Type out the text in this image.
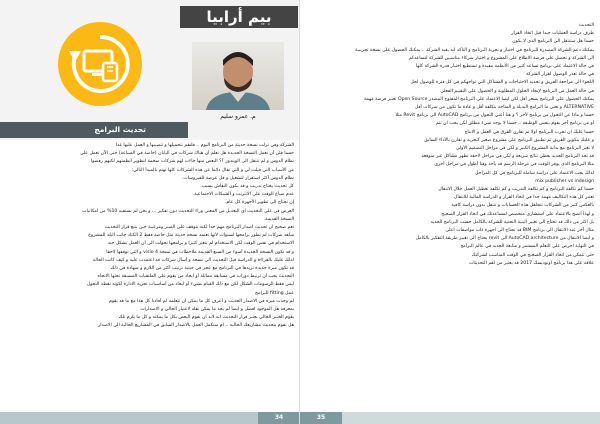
بيم أرابيا
م. عمرو سليم
تحديث البرامج

الشركة وفي نزلت نسخة حديثة من البرنامج اليوم .. فلنقم بتحميلها و تنصيبها و العمل عليها غداً

حسنا فلن أن نعمل النسخة الجديدة هل تعلم أن هناك شركات في اليابان (خاصة في الصناعة) حتى الآن تعمل على

نظام الدوس و لم تنتقل الى الويندوز ؟؟ البعض منها جاءت لهم شركات ضخمة لتطوير أنظمتهم لكنهم رفضوا

من الأسباب التي قيلت لي و التي تقال دائما عن هذه الشركات كلها تهتم بالمبدأ التالي:

نظام الدوس أكثر استقرار لتشغيل و قل عرضة للفيروسات.

كل تحديث يحتاج تدريب و قد يكون النقاش بسبب.

عدم ضياع الوقت على الانترنت و الشبكات الاجتماعية.

إن تحتاج الى تطوير الأجهزة كل عام.

العرض فى على التحديث اى التعديل من المعنى وراء التحديث دون تفكير ... و نحن لم نستفيد 10% من امكانيات

النسخة القديمة.

نعم صحيح ان تحديث اصدار البرنامج مهم جداً لكنه يتوقف على الصبر ومرعبية حين يتبع قرار التحديث

شاهد شركات لم تطور برامجها لسنوات لأنها تعتمد نسخة حديثة مثل خاصة فقط 2 الكتاد جانب البلد للمشروع

الاستخدام فى نفس الوقت لكن الاستخدام لم تتغير كثيرا و برامجها تحولت الى أن العمل بشكل جيد

و قد تكون النسخة الجديدة أسوء من السبع القديمة ملاحظات في نسخة visio 4 و التي نوقفها لاحقا

لذلك عليك بالقراءة و الدراسة قبل التحديث الى نسخة و أسأل شركات قد اعتمدت عليه و كيف كانت الحالة

قد تكون ميزة جديدة تريدها في البرنامج مع عجز في حيثية ترتيب أكثر من اللازم و شهادة في ذلك

التحديث يجب ان ترتبط دورات في مسابقة مماثلة أو ايجاد من يقوم على الملتقيات المسبقة تحتها الاتجاه

ليس فقط الرسومات الشكل لكن مع ذلك القيام بشيء أو ايجاد من أساسيات تجربة الادارة لكونه نقطة التحول

عمل fitting للبرامج

لم وجدت ميزة في الاصدار الحديث و أعرف كل ما يمكن ان تتعلمه لم أفادنا كل هذا مع ما قد يقوم

بمعرفة هل الموجود افضل و ايضاً لم يجد ما يمكن نقله لاعتبار الحالي و الاصدارات

يقوم الخبير الحالي يعتبر قرار التحديث انه لابد ان يقوم البعض بكل ما يمكنه و كل ما يلزم تلك

هل تقوم بتحديث مشاريعك الحالية .. ام ستكمل العمل بالاصدار السابق في المشاريع الحالية الى الاصدار

34

التحديث

ظرف دراسة العمليات جيدا قبل اتخاذ القرار

حسنا هل ستنتقل الى البرنامج الذي لا يكون

يمكنك دعم الشركة المصدرة للبرنامج في اختيار و تجربة البرنامج و التأكد انه يفيد الشركة .. يمكنك الحصول على نسخة تجريبية

الى الشركة و تحصل على فرصة الاطلاع على المشروع و اختيار شركاء مناسبين للشركة لتساعدكم

في حالة الاعتماد على برنامج تساعد كثير من الأنظمة مفيدة و تستطيع اختيار قدرة الشركة كلها

في حالة تعذر الوصول لقرار الشركة

اللجوء الى مراجعة الفريق و تحديد الاحتياجات و المشاكل التي تواجهكم في كل فترة للوصول لحل

في حالة العمل من البرنامج لإيجاد الحلول المطلوبة و الحصول على التقييم الفعلي

يمكنك الحصول على البرنامج بسعر أقل لكن ايضا الاعتماد على البرنامج المفتوح المصدر Open Source تعتبر فرصة مهمة

ALTERNATIVE و تعني ما البرامج البديلة و المتاحة بتكلفة أقل و عادة ما تكون من شركات أقل

حسنا و ماذا عن التحول من برنامج لأخر ؟ و هنا أعني التحول من برنامج AutoCAD الى برنامج Revit مثلا

أو من برنامج آخر يقوم بنفس الوظيفة .. حسنا لا يوجد شيء مطلق لكن يجب ان تتم

حسنا عليك ان تجرب البرنامج اولا ثم تقارن الفرق في العمل و الانتاج

و عليك بتكوين الفريق ثم تطبيق البرنامج على مشروع صغير كتجربة و تقارن بالأداء السابق

لا تغير البرنامج مع بداية المشروع الكبير و لكن في مراحل التصميم الأولى

قد تجد البرنامج الجديد يعطي نتائج سريعة و لكن في مراحل لاحقة تظهر مشاكل غير متوقعة

مثلا البرنامج الذي يوفر الوقت في مرحلة الرسم قد يأخذ وقتا أطول في مراحل أخرى

لذلك يجب الاعتماد على دراسة شاملة للبرنامج في كل المراحل

mix publisher vs indesign

حسنا كم تكلفة البرنامج و كم تكلفة التدريب و كم تكلفة تعطيل العمل خلال الانتقال

تعتبر كل هذه التكاليف مهمة جدا في اتخاذ القرار و الدراسة المالية للانتقال

بالعكس كثير من الشركات تتجاهل هذه الحسابات و تنتقل بدون دراسة كافية

و لهذا انصح بالاعتماد على استشاري متخصص لمساعدتك في اتخاذ القرار الصحيح

بل اكثر من ذلك قد تحتاج الى تغيير البنية التحتية للشركة بالكامل حسب البرنامج الجديد

مثال آخر عند الانتقال الى برنامج BIM قد تحتاج الى اجهزة ذات مواصفات أعلى

و ايضا الانتقال من AutoCAD architecture الى revit يحتاج الى تغيير طريقة التفكير بالكامل

في النهاية احرص على التعلم المستمر و متابعة الجديد في عالم البرامج

حتى تتمكن من اتخاذ القرار الصحيح في الوقت المناسب لشركتك

علاقة على هذا برنامج اوتوديسك 2017 قد يعتبر من اهم التحديثات

35
